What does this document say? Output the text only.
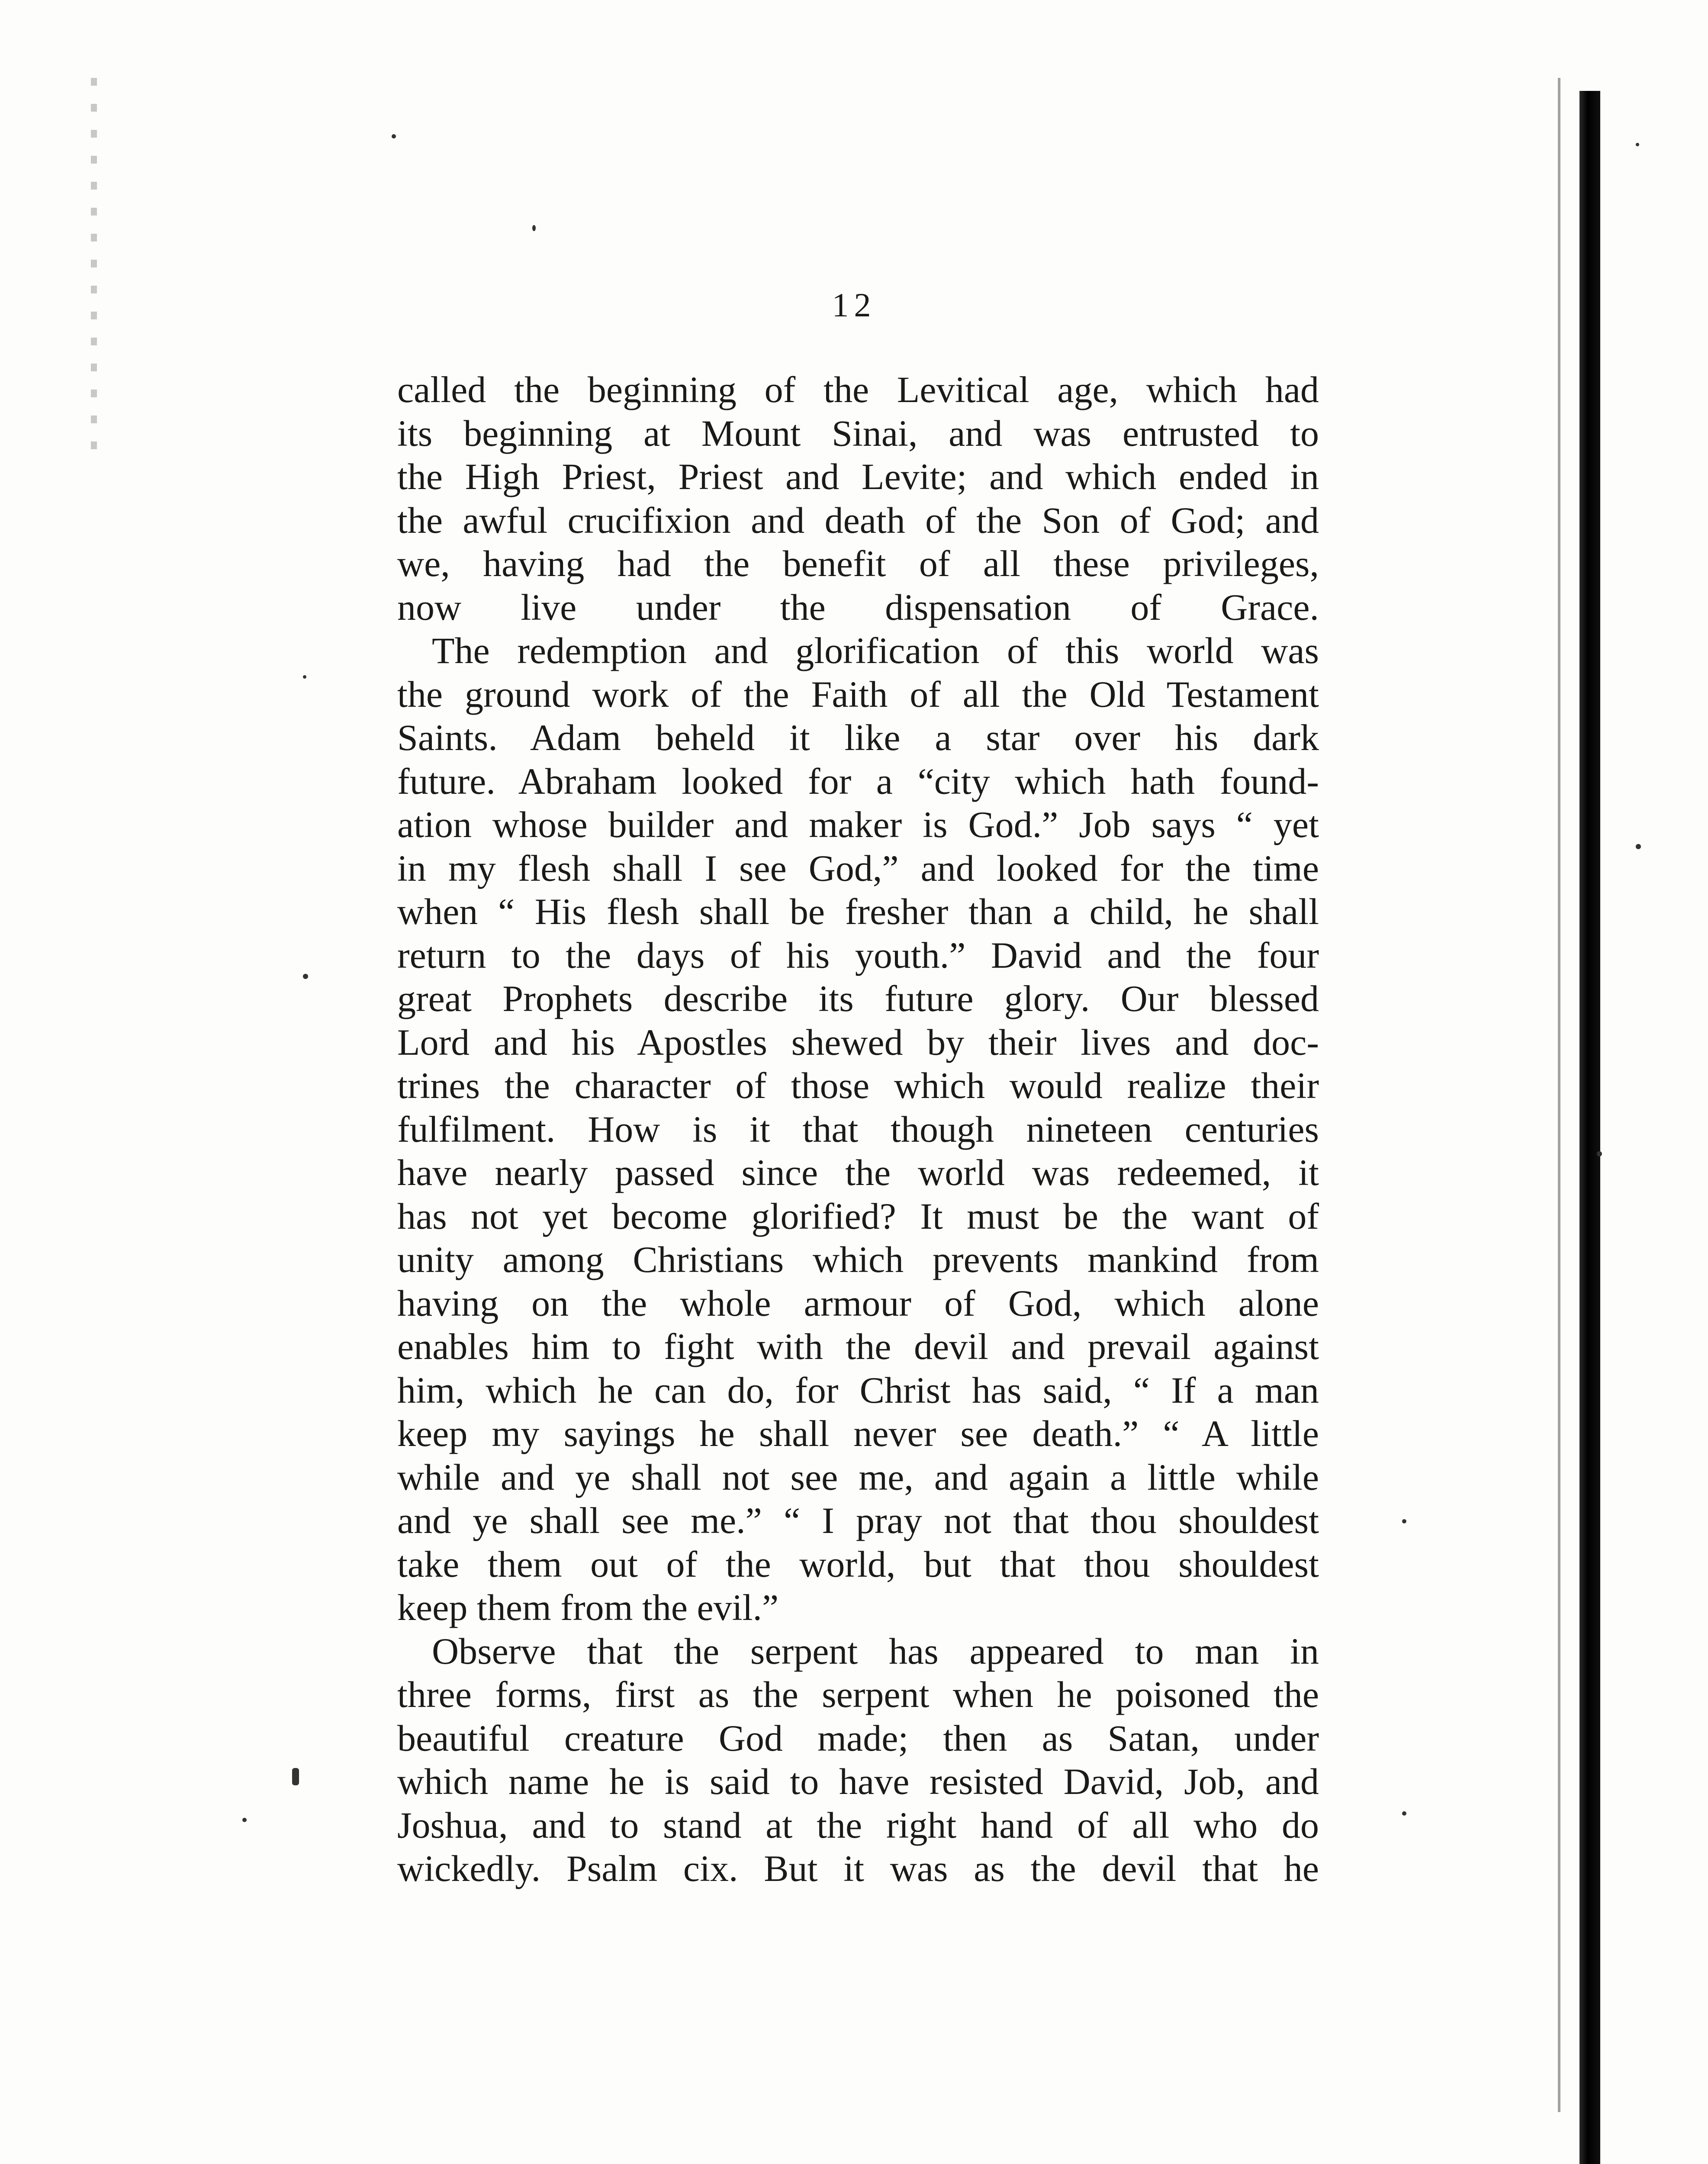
12
called the beginning of the Levitical age, which had
its beginning at Mount Sinai, and was entrusted to
the High Priest, Priest and Levite; and which ended in
the awful crucifixion and death of the Son of God; and
we, having had the benefit of all these privileges,
now live under the dispensation of Grace.
The redemption and glorification of this world was
the ground work of the Faith of all the Old Testament
Saints. Adam beheld it like a star over his dark
future. Abraham looked for a “city which hath found-
ation whose builder and maker is God.” Job says “ yet
in my flesh shall I see God,” and looked for the time
when “ His flesh shall be fresher than a child, he shall
return to the days of his youth.” David and the four
great Prophets describe its future glory. Our blessed
Lord and his Apostles shewed by their lives and doc-
trines the character of those which would realize their
fulfilment. How is it that though nineteen centuries
have nearly passed since the world was redeemed, it
has not yet become glorified? It must be the want of
unity among Christians which prevents mankind from
having on the whole armour of God, which alone
enables him to fight with the devil and prevail against
him, which he can do, for Christ has said, “ If a man
keep my sayings he shall never see death.” “ A little
while and ye shall not see me, and again a little while
and ye shall see me.” “ I pray not that thou shouldest
take them out of the world, but that thou shouldest
keep them from the evil.”
Observe that the serpent has appeared to man in
three forms, first as the serpent when he poisoned the
beautiful creature God made; then as Satan, under
which name he is said to have resisted David, Job, and
Joshua, and to stand at the right hand of all who do
wickedly. Psalm cix. But it was as the devil that he
